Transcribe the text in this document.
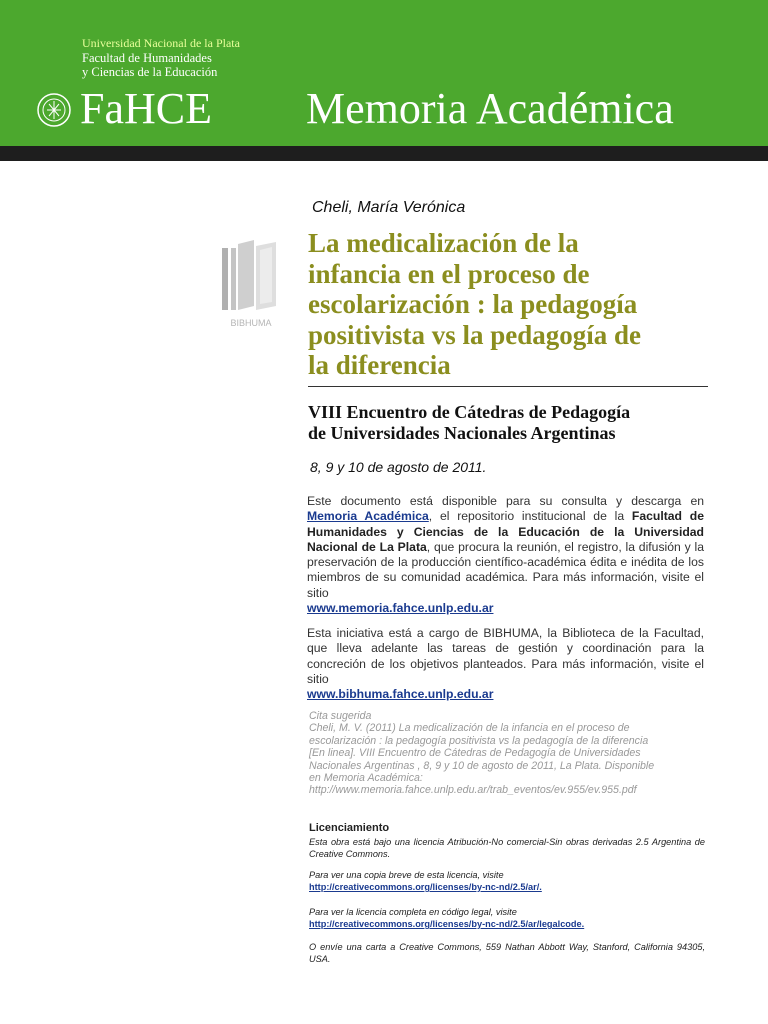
Universidad Nacional de la Plata
Facultad de Humanidades
y Ciencias de la Educación
FaHCE Memoria Académica
BIBHUMA
Cheli, María Verónica
La medicalización de la
infancia en el proceso de
escolarización : la pedagogía
positivista vs la pedagogía de
la diferencia
VIII Encuentro de Cátedras de Pedagogía
de Universidades Nacionales Argentinas
8, 9 y 10 de agosto de 2011.
Este documento está disponible para su consulta y descarga en Memoria Académica, el repositorio institucional de la Facultad de Humanidades y Ciencias de la Educación de la Universidad Nacional de La Plata, que procura la reunión, el registro, la difusión y la preservación de la producción científico-académica édita e inédita de los miembros de su comunidad académica. Para más información, visite el sitio
www.memoria.fahce.unlp.edu.ar
Esta iniciativa está a cargo de BIBHUMA, la Biblioteca de la Facultad, que lleva adelante las tareas de gestión y coordinación para la concreción de los objetivos planteados. Para más información, visite el sitio
www.bibhuma.fahce.unlp.edu.ar
Cita sugerida
Cheli, M. V. (2011) La medicalización de la infancia en el proceso de
escolarización : la pedagogía positivista vs la pedagogía de la diferencia
[En linea]. VIII Encuentro de Cátedras de Pedagogía de Universidades
Nacionales Argentinas , 8, 9 y 10 de agosto de 2011, La Plata. Disponible
en Memoria Académica:
http://www.memoria.fahce.unlp.edu.ar/trab_eventos/ev.955/ev.955.pdf
Licenciamiento
Esta obra está bajo una licencia Atribución-No comercial-Sin obras derivadas 2.5 Argentina de Creative Commons.
Para ver una copia breve de esta licencia, visite
http://creativecommons.org/licenses/by-nc-nd/2.5/ar/.
Para ver la licencia completa en código legal, visite
http://creativecommons.org/licenses/by-nc-nd/2.5/ar/legalcode.
O envíe una carta a Creative Commons, 559 Nathan Abbott Way, Stanford, California 94305, USA.
